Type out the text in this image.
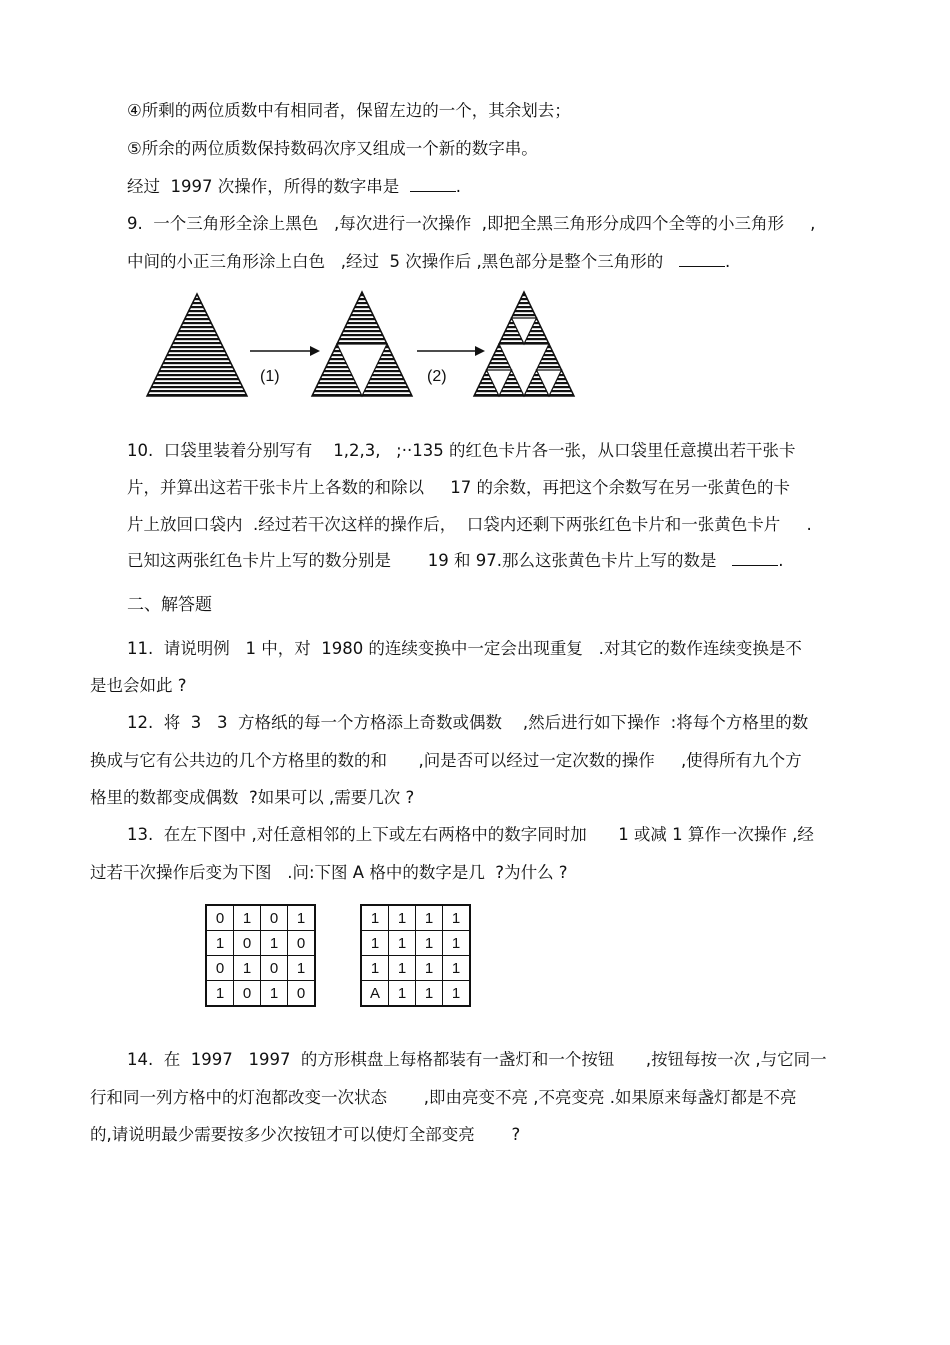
④所剩的两位质数中有相同者，保留左边的一个，其余划去；
⑤所余的两位质数保持数码次序又组成一个新的数字串。
经过  1997 次操作，所得的数字串是	.
9.  一个三角形全涂上黑色   ,每次进行一次操作  ,即把全黑三角形分成四个全等的小三角形     ,
中间的小正三角形涂上白色   ,经过  5 次操作后 ,黑色部分是整个三角形的	.
(1)	(2)
10.  口袋里装着分别写有    1,2,3,   ;··135 的红色卡片各一张，从口袋里任意摸出若干张卡
片，并算出这若干张卡片上各数的和除以     17 的余数，再把这个余数写在另一张黄色的卡
片上放回口袋内  .经过若干次这样的操作后，  口袋内还剩下两张红色卡片和一张黄色卡片     .
已知这两张红色卡片上写的数分别是       19 和 97.那么这张黄色卡片上写的数是	.
二、解答题
11.  请说明例   1 中，对  1980 的连续变换中一定会出现重复   .对其它的数作连续变换是不
是也会如此 ?
12.  将  3   3  方格纸的每一个方格添上奇数或偶数    ,然后进行如下操作  :将每个方格里的数
换成与它有公共边的几个方格里的数的和      ,问是否可以经过一定次数的操作     ,使得所有九个方
格里的数都变成偶数  ?如果可以 ,需要几次 ?
13.  在左下图中 ,对任意相邻的上下或左右两格中的数字同时加      1 或减 1 算作一次操作 ,经
过若干次操作后变为下图   .问:下图 A 格中的数字是几  ?为什么 ?
0	1	0	1
1	0	1	0
0	1	0	1
1	0	1	0
1	1	1	1
1	1	1	1
1	1	1	1
A	1	1	1
14.  在  1997   1997  的方形棋盘上每格都装有一盏灯和一个按钮      ,按钮每按一次 ,与它同一
行和同一列方格中的灯泡都改变一次状态       ,即由亮变不亮 ,不亮变亮 .如果原来每盏灯都是不亮
的,请说明最少需要按多少次按钮才可以使灯全部变亮       ?
